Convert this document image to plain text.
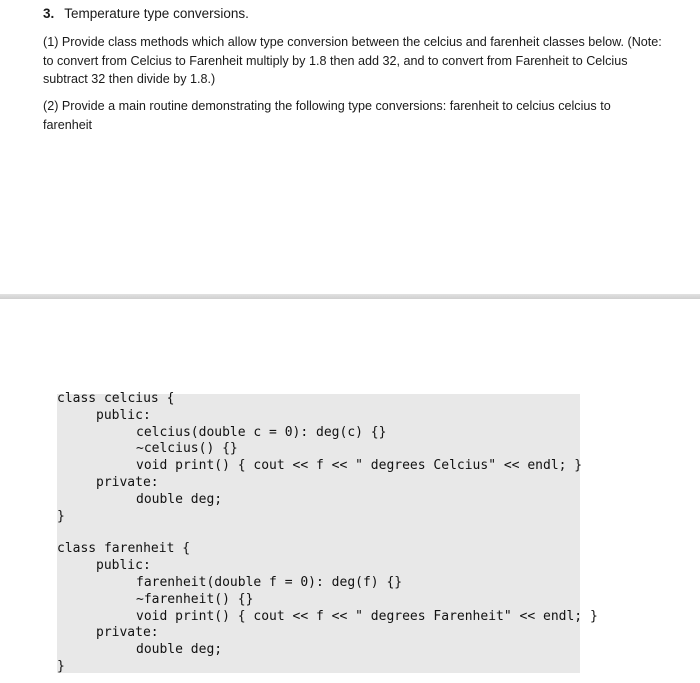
3. Temperature type conversions.
(1) Provide class methods which allow type conversion between the celcius and farenheit classes below. (Note: to convert from Celcius to Farenheit multiply by 1.8 then add 32, and to convert from Farenheit to Celcius subtract 32 then divide by 1.8.)
(2) Provide a main routine demonstrating the following type conversions: farenheit to celcius celcius to farenheit
class celcius {
public:
celcius(double c = 0): deg(c) {}
~celcius() {}
void print() { cout << f << " degrees Celcius" << endl; }
private:
double deg;
}
class farenheit {
public:
farenheit(double f = 0): deg(f) {}
~farenheit() {}
void print() { cout << f << " degrees Farenheit" << endl; }
private:
double deg;
}
